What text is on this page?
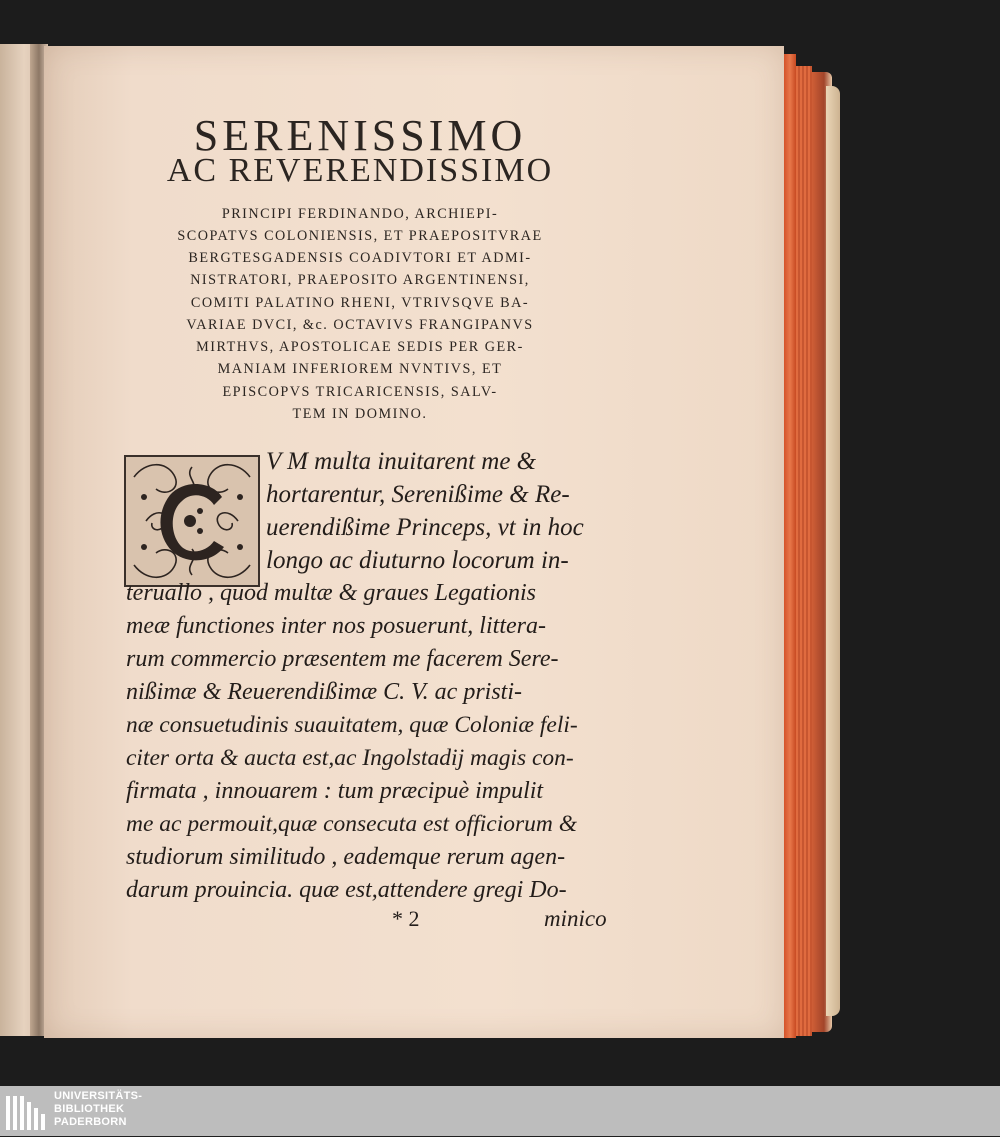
SERENISSIMO
AC REVERENDISSIMO
PRINCIPI FERDINANDO, ARCHIEPI-
SCOPATVS COLONIENSIS, ET PRAEPOSITVRAE
BERGTESGADENSIS COADIVTORI ET ADMI-
NISTRATORI, PRAEPOSITO ARGENTINENSI,
COMITI PALATINO RHENI, VTRIVSQVE BA-
VARIAE DVCI, &c. OCTAVIVS FRANGIPANVS
MIRTHVS, APOSTOLICAE SEDIS PER GER-
MANIAM INFERIOREM NVNTIVS, ET
EPISCOPVS TRICARICENSIS, SALV-
TEM IN DOMINO.
V M multa inuitarent me &
hortarentur, Serenißime & Re-
uerendißime Princeps, vt in hoc
longo ac diuturno locorum in-
teruallo , quod multæ & graues Legationis
meæ functiones inter nos posuerunt, littera-
rum commercio præsentem me facerem Sere-
nißimæ & Reuerendißimæ C. V. ac pristi-
næ consuetudinis suauitatem, quæ Coloniæ feli-
citer orta & aucta est,ac Ingolstadij magis con-
firmata , innouarem : tum præcipuè impulit
me ac permouit,quæ consecuta est officiorum &
studiorum similitudo , eademque rerum agen-
darum prouincia. quæ est,attendere gregi Do-
* 2	minico
UNIVERSITÄTS-
BIBLIOTHEK
PADERBORN
